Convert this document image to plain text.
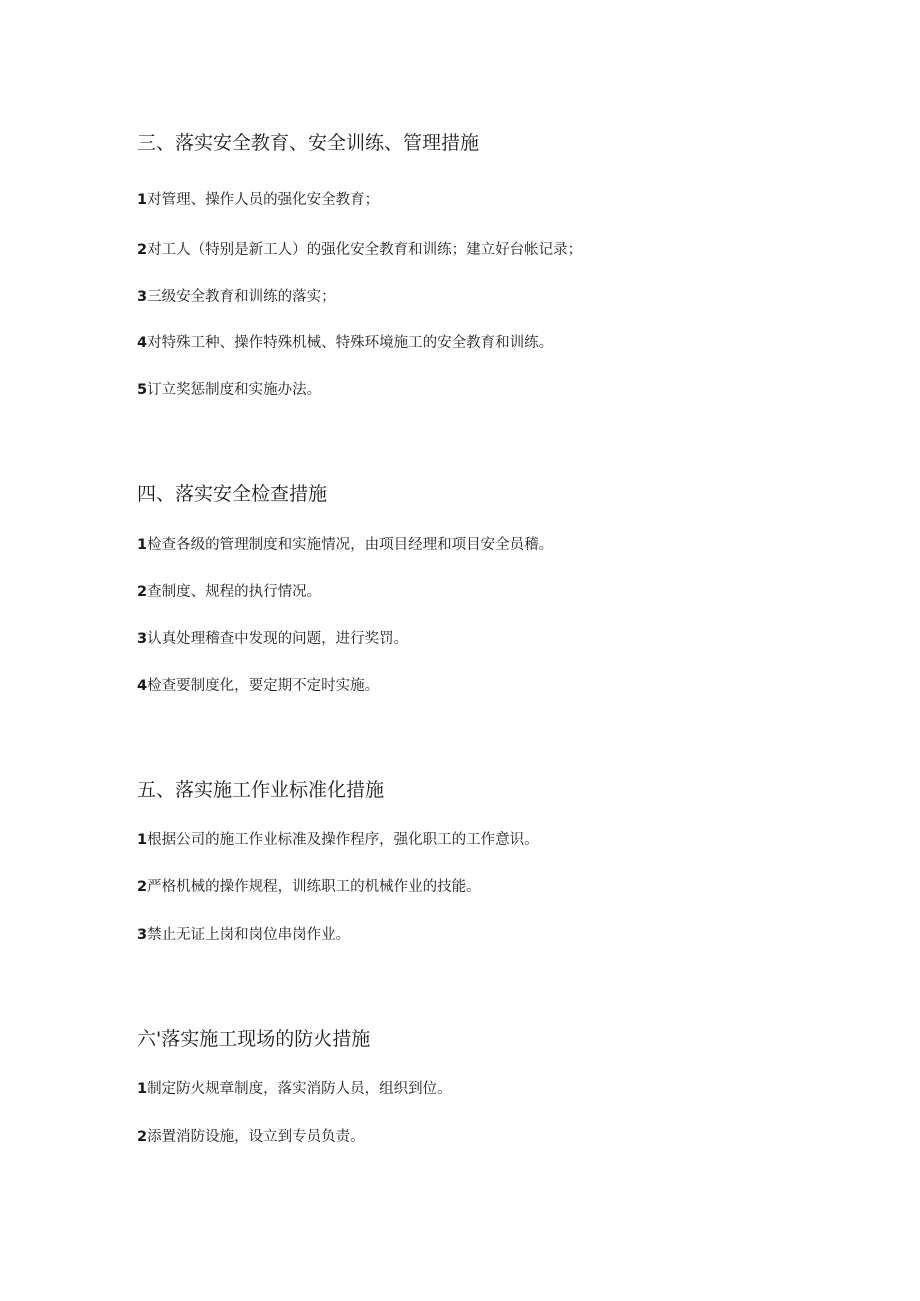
三、落实安全教育、安全训练、管理措施
1对管理、操作人员的强化安全教育；
2对工人（特别是新工人）的强化安全教育和训练；建立好台帐记录；
3三级安全教育和训练的落实；
4对特殊工种、操作特殊机械、特殊环境施工的安全教育和训练。
5订立奖惩制度和实施办法。
四、落实安全检查措施
1检查各级的管理制度和实施情况，由项目经理和项目安全员稽。
2查制度、规程的执行情况。
3认真处理稽查中发现的问题，进行奖罚。
4检查要制度化，要定期不定时实施。
五、落实施工作业标准化措施
1根据公司的施工作业标准及操作程序，强化职工的工作意识。
2严格机械的操作规程，训练职工的机械作业的技能。
3禁止无证上岗和岗位串岗作业。
六'落实施工现场的防火措施
1制定防火规章制度，落实消防人员，组织到位。
2添置消防设施，设立到专员负责。
